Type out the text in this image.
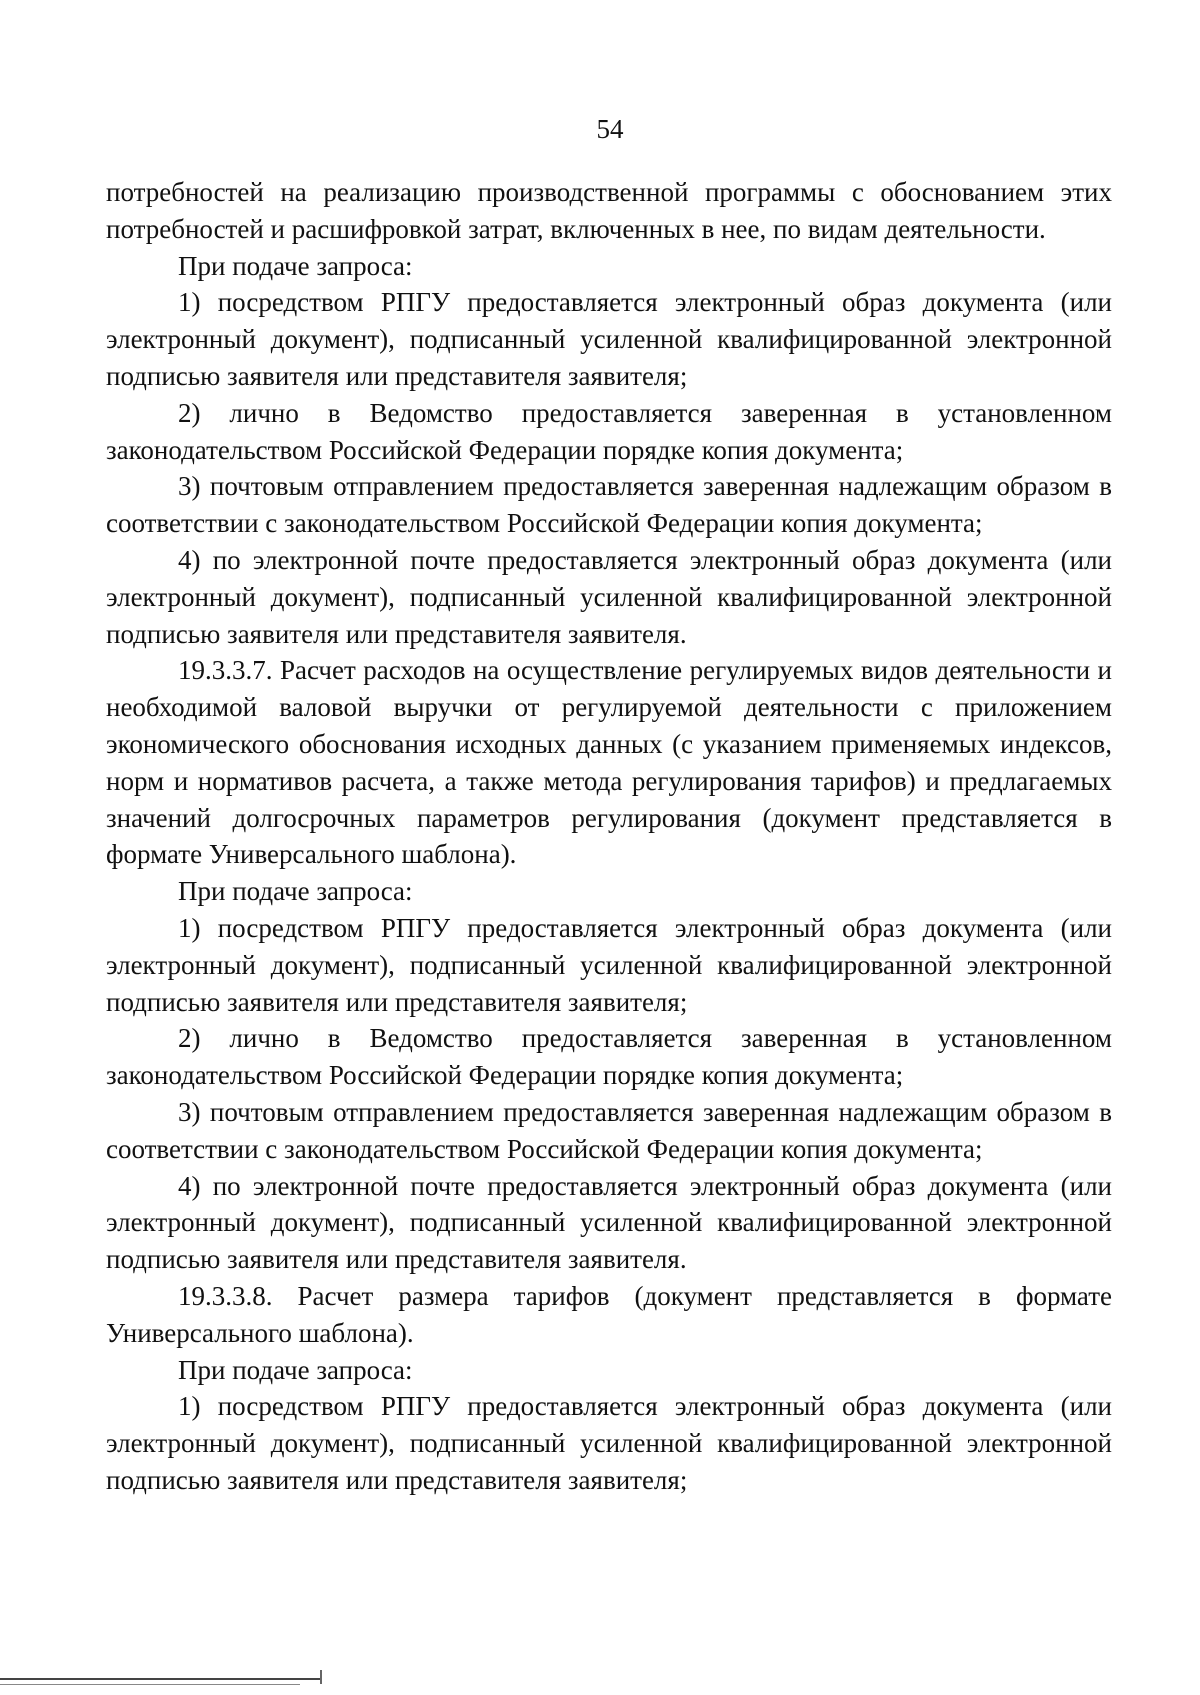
54

потребностей на реализацию производственной программы с обоснованием этих потребностей и расшифровкой затрат, включенных в нее, по видам деятельности.

При подаче запроса:

1) посредством РПГУ предоставляется электронный образ документа (или электронный документ), подписанный усиленной квалифицированной электронной подписью заявителя или представителя заявителя;

2) лично в Ведомство предоставляется заверенная в установленном законодательством Российской Федерации порядке копия документа;

3) почтовым отправлением предоставляется заверенная надлежащим образом в соответствии с законодательством Российской Федерации копия документа;

4) по электронной почте предоставляется электронный образ документа (или электронный документ), подписанный усиленной квалифицированной электронной подписью заявителя или представителя заявителя.

19.3.3.7. Расчет расходов на осуществление регулируемых видов деятельности и необходимой валовой выручки от регулируемой деятельности с приложением экономического обоснования исходных данных (с указанием применяемых индексов, норм и нормативов расчета, а также метода регулирования тарифов) и предлагаемых значений долгосрочных параметров регулирования (документ представляется в формате Универсального шаблона).

При подаче запроса:

1) посредством РПГУ предоставляется электронный образ документа (или электронный документ), подписанный усиленной квалифицированной электронной подписью заявителя или представителя заявителя;

2) лично в Ведомство предоставляется заверенная в установленном законодательством Российской Федерации порядке копия документа;

3) почтовым отправлением предоставляется заверенная надлежащим образом в соответствии с законодательством Российской Федерации копия документа;

4) по электронной почте предоставляется электронный образ документа (или электронный документ), подписанный усиленной квалифицированной электронной подписью заявителя или представителя заявителя.

19.3.3.8. Расчет размера тарифов (документ представляется в формате Универсального шаблона).

При подаче запроса:

1) посредством РПГУ предоставляется электронный образ документа (или электронный документ), подписанный усиленной квалифицированной электронной подписью заявителя или представителя заявителя;
